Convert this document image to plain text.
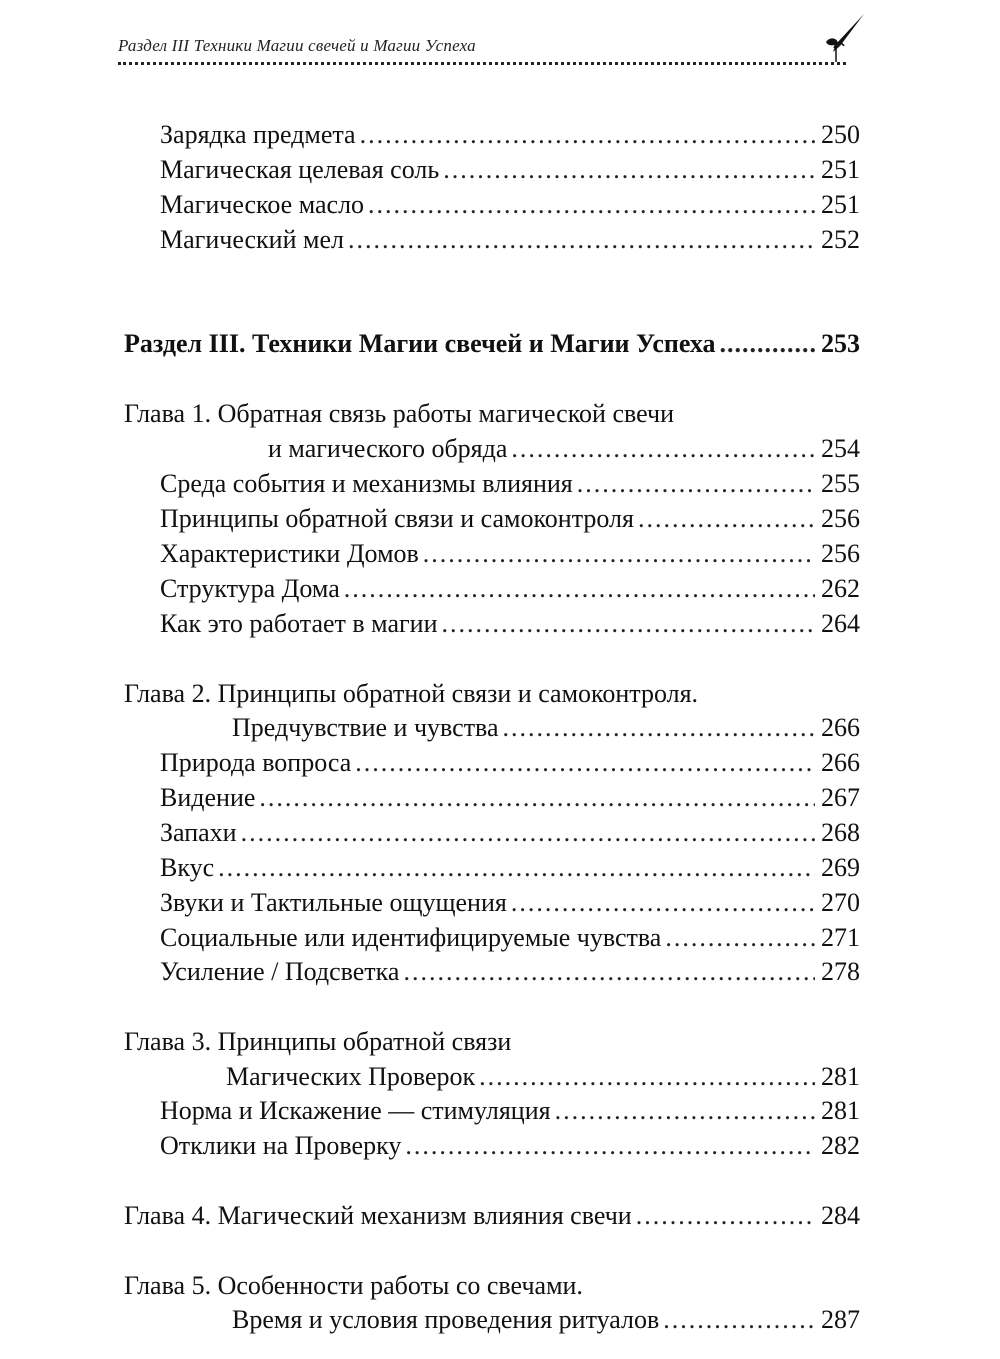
Раздел III Техники Магии свечей и Магии Успеха
Зарядка предмета .....	250
Магическая целевая соль .....	251
Магическое масло .....	251
Магический мел .....	252
Раздел III. Техники Магии свечей и Магии Успеха .....	253
Глава 1. Обратная связь работы магической свечи
и магического обряда .....	254
Среда события и механизмы влияния .....	255
Принципы обратной связи и самоконтроля .....	256
Характеристики Домов .....	256
Структура Дома .....	262
Как это работает в магии .....	264
Глава 2. Принципы обратной связи и самоконтроля.
Предчувствие и чувства .....	266
Природа вопроса .....	266
Видение .....	267
Запахи .....	268
Вкус .....	269
Звуки и Тактильные ощущения .....	270
Социальные или идентифицируемые чувства .....	271
Усиление / Подсветка .....	278
Глава 3. Принципы обратной связи
Магических Проверок .....	281
Норма и Искажение — стимуляция .....	281
Отклики на Проверку .....	282
Глава 4. Магический механизм влияния свечи .....	284
Глава 5. Особенности работы со свечами.
Время и условия проведения ритуалов .....	287
